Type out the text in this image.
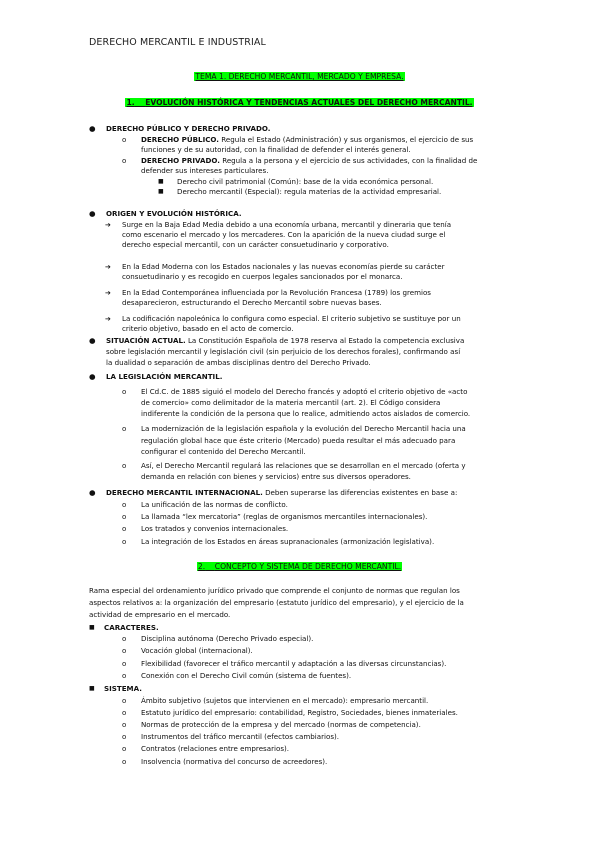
DERECHO MERCANTIL E INDUSTRIAL
TEMA 1. DERECHO MERCANTIL, MERCADO Y EMPRESA.
1. EVOLUCIÓN HISTÓRICA Y TENDENCIAS ACTUALES DEL DERECHO MERCANTIL.
● DERECHO PÚBLICO Y DERECHO PRIVADO.
o DERECHO PÚBLICO. Regula el Estado (Administración) y sus organismos, el ejercicio de sus
funciones y de su autoridad, con la finalidad de defender el interés general.
o DERECHO PRIVADO. Regula a la persona y el ejercicio de sus actividades, con la finalidad de
defender sus intereses particulares.
■ Derecho civil patrimonial (Común): base de la vida económica personal.
■ Derecho mercantil (Especial): regula materias de la actividad empresarial.
● ORIGEN Y EVOLUCIÓN HISTÓRICA.
➔ Surge en la Baja Edad Media debido a una economía urbana, mercantil y dineraria que tenía
como escenario el mercado y los mercaderes. Con la aparición de la nueva ciudad surge el
derecho especial mercantil, con un carácter consuetudinario y corporativo.
➔ En la Edad Moderna con los Estados nacionales y las nuevas economías pierde su carácter
consuetudinario y es recogido en cuerpos legales sancionados por el monarca.
➔ En la Edad Contemporánea influenciada por la Revolución Francesa (1789) los gremios
desaparecieron, estructurando el Derecho Mercantil sobre nuevas bases.
➔ La codificación napoleónica lo configura como especial. El criterio subjetivo se sustituye por un
criterio objetivo, basado en el acto de comercio.
● SITUACIÓN ACTUAL. La Constitución Española de 1978 reserva al Estado la competencia exclusiva
sobre legislación mercantil y legislación civil (sin perjuicio de los derechos forales), confirmando así
la dualidad o separación de ambas disciplinas dentro del Derecho Privado.
● LA LEGISLACIÓN MERCANTIL.
o El Cd.C. de 1885 siguió el modelo del Derecho francés y adoptó el criterio objetivo de «acto
de comercio» como delimitador de la materia mercantil (art. 2). El Código considera
indiferente la condición de la persona que lo realice, admitiendo actos aislados de comercio.
o La modernización de la legislación española y la evolución del Derecho Mercantil hacia una
regulación global hace que éste criterio (Mercado) pueda resultar el más adecuado para
configurar el contenido del Derecho Mercantil.
o Así, el Derecho Mercantil regulará las relaciones que se desarrollan en el mercado (oferta y
demanda en relación con bienes y servicios) entre sus diversos operadores.
● DERECHO MERCANTIL INTERNACIONAL. Deben superarse las diferencias existentes en base a:
o La unificación de las normas de conflicto.
o La llamada “lex mercatoria” (reglas de organismos mercantiles internacionales).
o Los tratados y convenios internacionales.
o La integración de los Estados en áreas supranacionales (armonización legislativa).
2. CONCEPTO Y SISTEMA DE DERECHO MERCANTIL.
Rama especial del ordenamiento jurídico privado que comprende el conjunto de normas que regulan los
aspectos relativos a: la organización del empresario (estatuto jurídico del empresario), y el ejercicio de la
actividad de empresario en el mercado.
■ CARACTERES.
o Disciplina autónoma (Derecho Privado especial).
o Vocación global (internacional).
o Flexibilidad (favorecer el tráfico mercantil y adaptación a las diversas circunstancias).
o Conexión con el Derecho Civil común (sistema de fuentes).
■ SISTEMA.
o Ámbito subjetivo (sujetos que intervienen en el mercado): empresario mercantil.
o Estatuto jurídico del empresario: contabilidad, Registro, Sociedades, bienes inmateriales.
o Normas de protección de la empresa y del mercado (normas de competencia).
o Instrumentos del tráfico mercantil (efectos cambiarios).
o Contratos (relaciones entre empresarios).
o Insolvencia (normativa del concurso de acreedores).
